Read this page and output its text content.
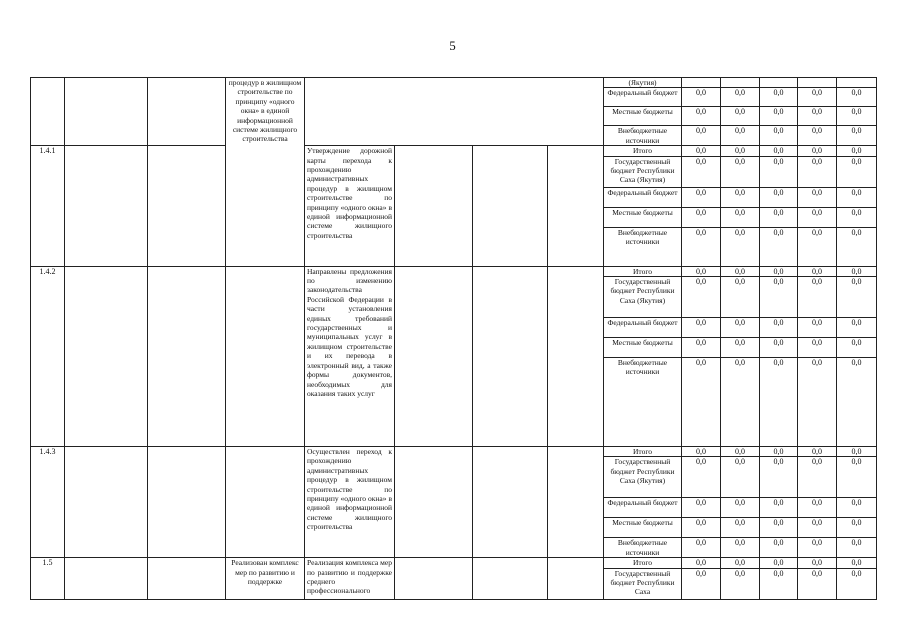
5
			процедур в жилищном строительстве по принципу «одного окна» в единой информационной системе жилищного строительства					(Якутия)					
								Федеральный бюджет	0,0	0,0	0,0	0,0	0,0
								Местные бюджеты	0,0	0,0	0,0	0,0	0,0
								Внебюджетные источники	0,0	0,0	0,0	0,0	0,0
1.4.1				Утверждение дорожной карты перехода к прохождению административных процедур в жилищном строительстве по принципу «одного окна» в единой информационной системе жилищного строительства				Итого	0,0	0,0	0,0	0,0	0,0
								Государственный бюджет Республики Саха (Якутия)	0,0	0,0	0,0	0,0	0,0
								Федеральный бюджет	0,0	0,0	0,0	0,0	0,0
								Местные бюджеты	0,0	0,0	0,0	0,0	0,0
								Внебюджетные источники	0,0	0,0	0,0	0,0	0,0
1.4.2				Направлены предложения по изменению законодательства Российской Федерации в части установления единых требований государственных и муниципальных услуг в жилищном строительстве и их перевода в электронный вид, а также формы документов, необходимых для оказания таких услуг				Итого	0,0	0,0	0,0	0,0	0,0
								Государственный бюджет Республики Саха (Якутия)	0,0	0,0	0,0	0,0	0,0
								Федеральный бюджет	0,0	0,0	0,0	0,0	0,0
								Местные бюджеты	0,0	0,0	0,0	0,0	0,0
								Внебюджетные источники	0,0	0,0	0,0	0,0	0,0
1.4.3				Осуществлен переход к прохождению административных процедур в жилищном строительстве по принципу «одного окна» в единой информационной системе жилищного строительства				Итого	0,0	0,0	0,0	0,0	0,0
								Государственный бюджет Республики Саха (Якутия)	0,0	0,0	0,0	0,0	0,0
								Федеральный бюджет	0,0	0,0	0,0	0,0	0,0
								Местные бюджеты	0,0	0,0	0,0	0,0	0,0
								Внебюджетные источники	0,0	0,0	0,0	0,0	0,0
1.5			Реализован комплекс мер по развитию и поддержке	Реализация комплекса мер по развитию и поддержке среднего профессионального				Итого	0,0	0,0	0,0	0,0	0,0
								Государственный бюджет Республики Саха	0,0	0,0	0,0	0,0	0,0
